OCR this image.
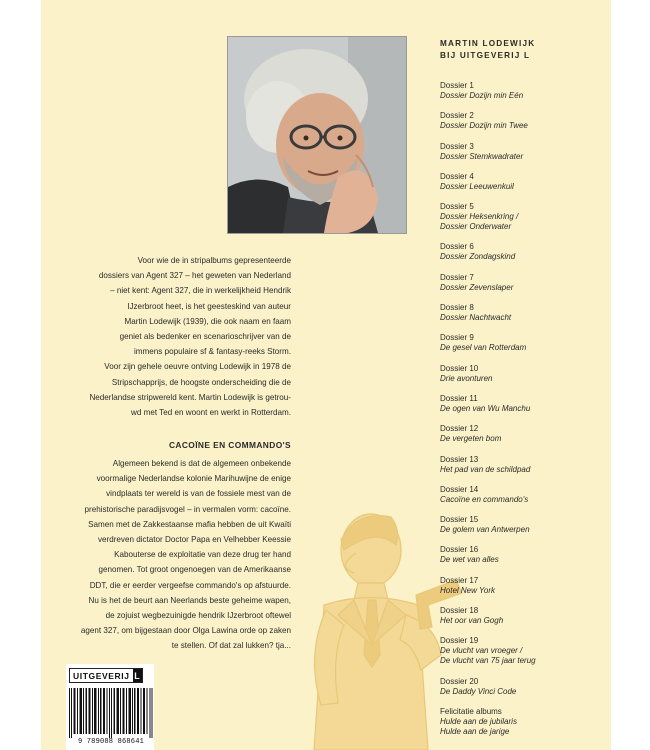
Voor wie de in stripalbums gepresenteerde
dossiers van Agent 327 – het geweten van Nederland
– niet kent: Agent 327, die in werkelijkheid Hendrik
IJzerbroot heet, is het geesteskind van auteur
Martin Lodewijk (1939), die ook naam en faam
geniet als bedenker en scenarioschrijver van de
immens populaire sf & fantasy-reeks Storm.
Voor zijn gehele oeuvre ontving Lodewijk in 1978 de
Stripschapprijs, de hoogste onderscheiding die de
Nederlandse stripwereld kent. Martin Lodewijk is getrou-
wd met Ted en woont en werkt in Rotterdam.

CACOÏNE EN COMMANDO'S

Algemeen bekend is dat de algemeen onbekende
voormalige Nederlandse kolonie Marihuwijne de enige
vindplaats ter wereld is van de fossiele mest van de
prehistorische paradijsvogel – in vermalen vorm: cacoïne.
Samen met de Zakkestaanse mafia hebben de uit Kwaïti
verdreven dictator Doctor Papa en Velhebber Keessie
Kabouterse de exploitatie van deze drug ter hand
genomen. Tot groot ongenoegen van de Amerikaanse
DDT, die er eerder vergeefse commando's op afstuurde.
Nu is het de beurt aan Neerlands beste geheime wapen,
de zojuist wegbezuinigde hendrik IJzerbroot oftewel
agent 327, om bijgestaan door Olga Lawina orde op zaken
te stellen. Of dat zal lukken? tja...

UITGEVERIJ L
9 789088 868641
MARTIN LODEWIJK
BIJ UITGEVERIJ L
Dossier 1
Dossier Dozijn min Eén
Dossier 2
Dossier Dozijn min Twee
Dossier 3
Dossier Stemkwadrater
Dossier 4
Dossier Leeuwenkuil
Dossier 5
Dossier Heksenkring /
Dossier Onderwater
Dossier 6
Dossier Zondagskind
Dossier 7
Dossier Zevenslaper
Dossier 8
Dossier Nachtwacht
Dossier 9
De gesel van Rotterdam
Dossier 10
Drie avonturen
Dossier 11
De ogen van Wu Manchu
Dossier 12
De vergeten bom
Dossier 13
Het pad van de schildpad
Dossier 14
Cacoïne en commando's
Dossier 15
De golem van Antwerpen
Dossier 16
De wet van alles
Dossier 17
Hotel New York
Dossier 18
Het oor van Gogh
Dossier 19
De vlucht van vroeger /
De vlucht van 75 jaar terug
Dossier 20
De Daddy Vinci Code
Felicitatie albums
Hulde aan de jubilaris
Hulde aan de jarige
